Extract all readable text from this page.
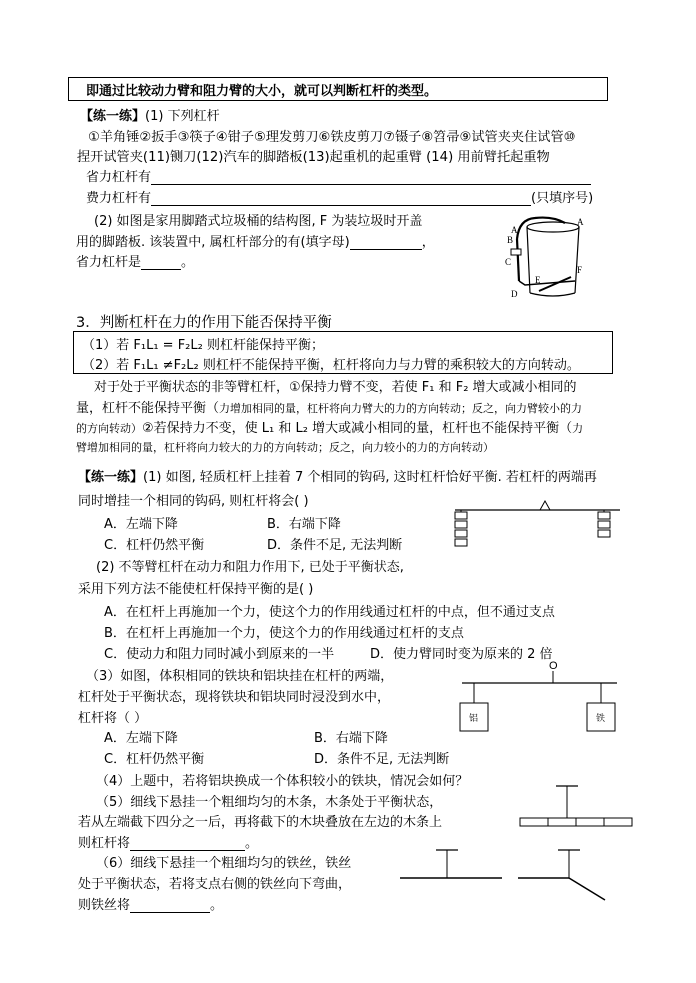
即通过比较动力臂和阻力臂的大小，就可以判断杠杆的类型。
【练一练】(1) 下列杠杆
①羊角锤②扳手③筷子④钳子⑤理发剪刀⑥铁皮剪刀⑦镊子⑧笤帚⑨试管夹夹住试管⑩
捏开试管夹(11)铡刀(12)汽车的脚踏板(13)起重机的起重臂 (14) 用前臂托起重物
省力杠杆有
费力杠杆有	(只填序号)
(2) 如图是家用脚踏式垃圾桶的结构图, F 为装垃圾时开盖
用的脚踏板. 该装置中, 属杠杆部分的有(填字母)	，
省力杠杆是	。
B
A
C
D
E
F
A
3．判断杠杆在力的作用下能否保持平衡
（1）若 F₁L₁ = F₂L₂ 则杠杆能保持平衡；
（2）若 F₁L₁ ≠F₂L₂ 则杠杆不能保持平衡，杠杆将向力与力臂的乘积较大的方向转动。
对于处于平衡状态的非等臂杠杆，①保持力臂不变，若使 F₁ 和 F₂ 增大或减小相同的
量，杠杆不能保持平衡（力增加相同的量，杠杆将向力臂大的力的方向转动；反之，向力臂较小的力
的方向转动）②若保持力不变，使 L₁ 和 L₂ 增大或减小相同的量，杠杆也不能保持平衡（力
臂增加相同的量，杠杆将向力较大的力的方向转动；反之，向力较小的力的方向转动）
【练一练】(1) 如图, 轻质杠杆上挂着 7 个相同的钩码, 这时杠杆恰好平衡. 若杠杆的两端再
同时增挂一个相同的钩码, 则杠杆将会( )
A．左端下降	B．右端下降
C．杠杆仍然平衡	D．条件不足, 无法判断
(2) 不等臂杠杆在动力和阻力作用下, 已处于平衡状态,
采用下列方法不能使杠杆保持平衡的是( )
A．在杠杆上再施加一个力，使这个力的作用线通过杠杆的中点，但不通过支点
B．在杠杆上再施加一个力，使这个力的作用线通过杠杆的支点
C．使动力和阻力同时减小到原来的一半	D．使力臂同时变为原来的 2 倍
（3）如图，体积相同的铁块和铝块挂在杠杆的两端，
杠杆处于平衡状态，现将铁块和铝块同时浸没到水中，
杠杆将（ ）
A．左端下降	B．右端下降
C．杠杆仍然平衡	D．条件不足, 无法判断
O
铝	铁
（4）上题中，若将铝块换成一个体积较小的铁块，情况会如何？
（5）细线下悬挂一个粗细均匀的木条，木条处于平衡状态，
若从左端截下四分之一后，再将截下的木块叠放在左边的木条上
则杠杆将	。
（6）细线下悬挂一个粗细均匀的铁丝，铁丝
处于平衡状态，若将支点右侧的铁丝向下弯曲，
则铁丝将	。
